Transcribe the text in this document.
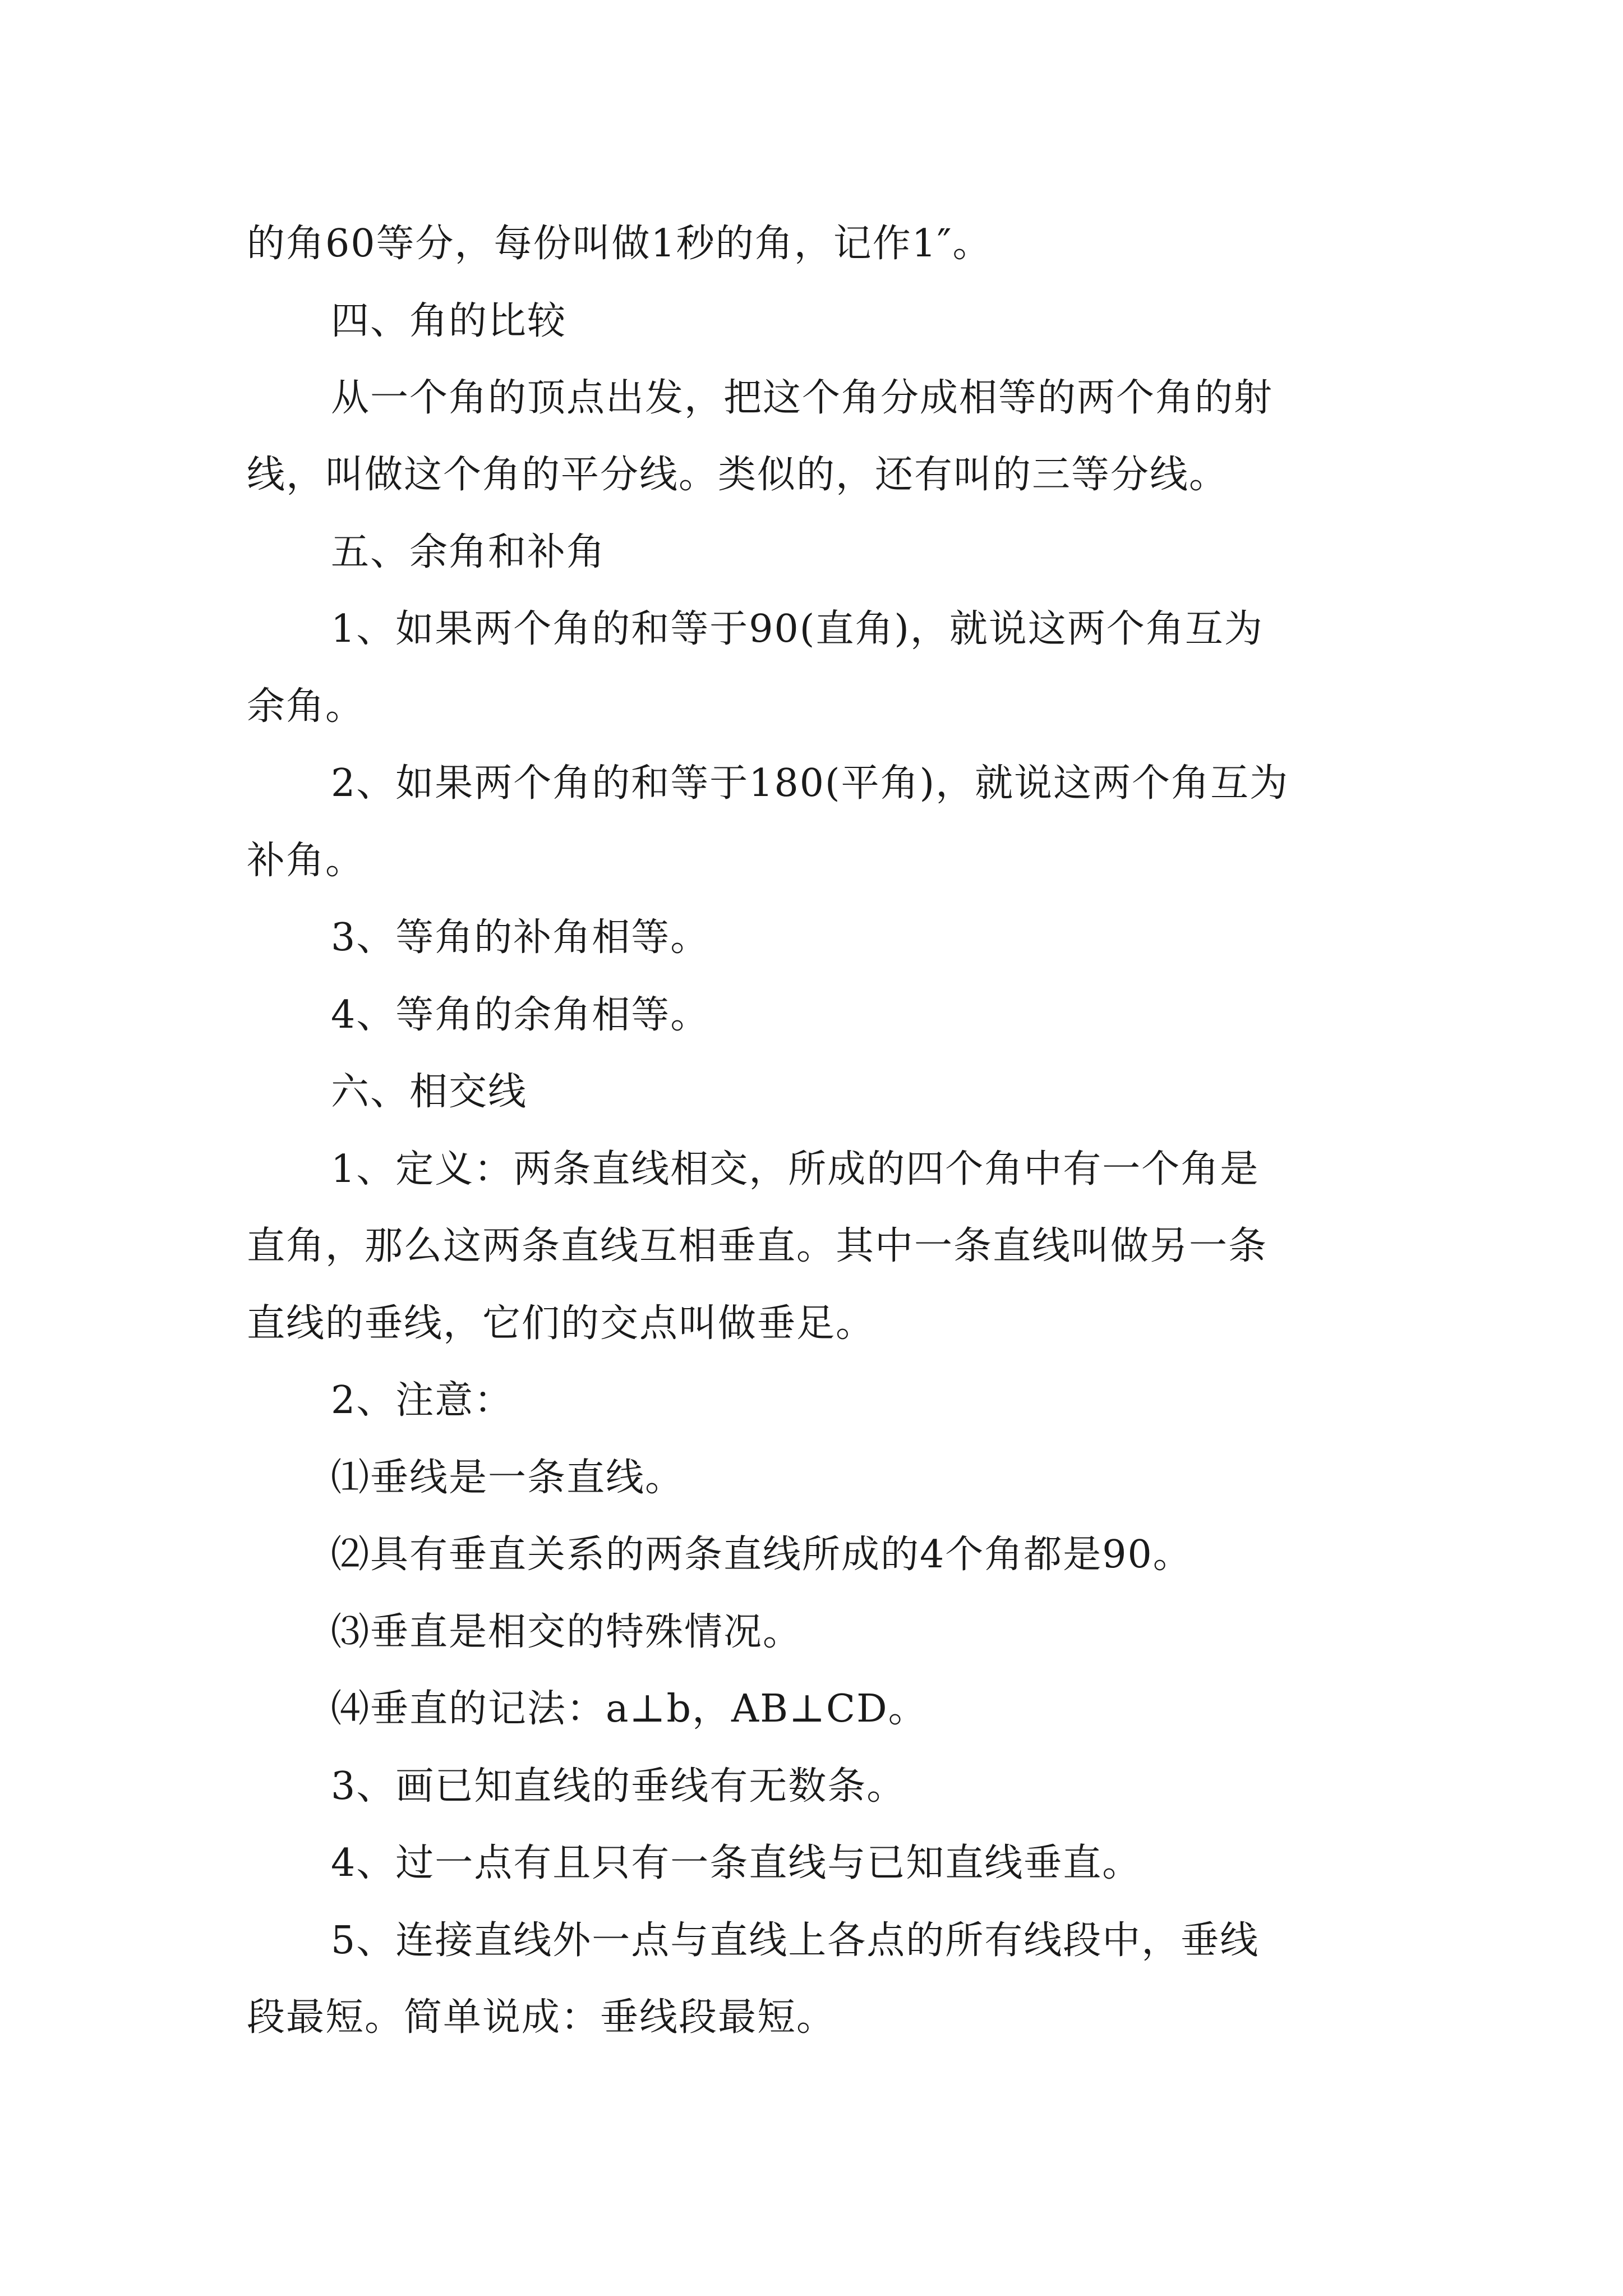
的角60等分，每份叫做1秒的角，记作1″。
四、角的比较
从一个角的顶点出发，把这个角分成相等的两个角的射
线，叫做这个角的平分线。类似的，还有叫的三等分线。
五、余角和补角
1、如果两个角的和等于90(直角)，就说这两个角互为
余角。
2、如果两个角的和等于180(平角)，就说这两个角互为
补角。
3、等角的补角相等。
4、等角的余角相等。
六、相交线
1、定义：两条直线相交，所成的四个角中有一个角是
直角，那么这两条直线互相垂直。其中一条直线叫做另一条
直线的垂线，它们的交点叫做垂足。
2、注意：
⑴垂线是一条直线。
⑵具有垂直关系的两条直线所成的4个角都是90。
⑶垂直是相交的特殊情况。
⑷垂直的记法：a⊥b，AB⊥CD。
3、画已知直线的垂线有无数条。
4、过一点有且只有一条直线与已知直线垂直。
5、连接直线外一点与直线上各点的所有线段中，垂线
段最短。简单说成：垂线段最短。
